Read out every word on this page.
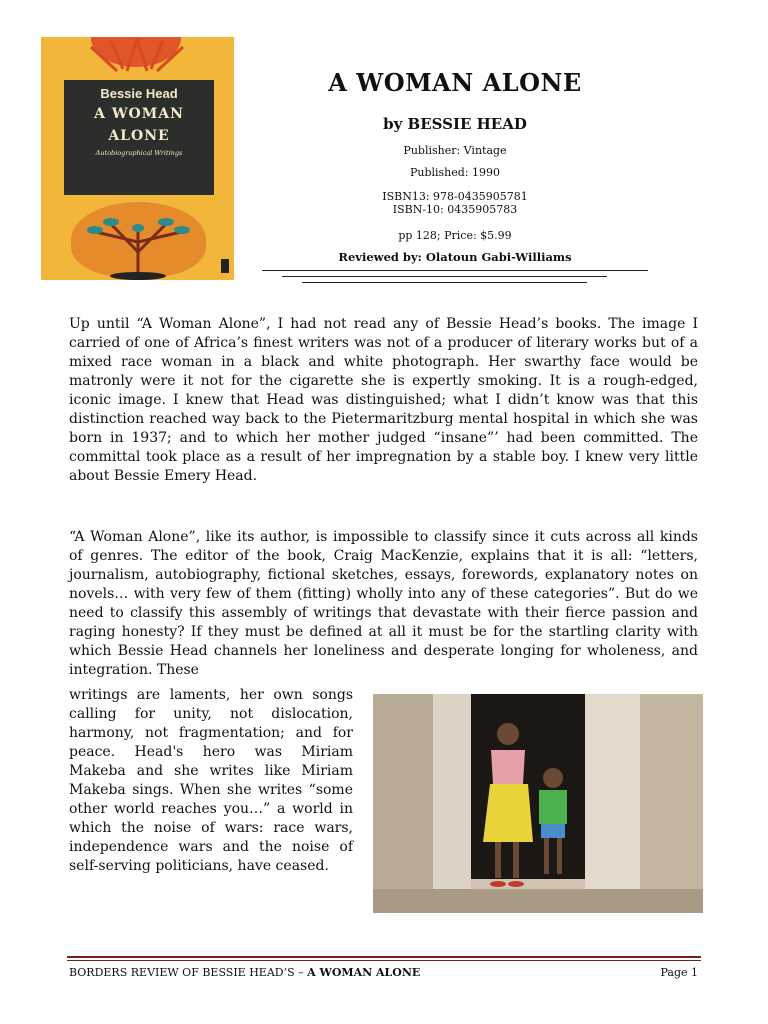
Bessie Head
A WOMAN
ALONE
Autobiographical Writings
A WOMAN ALONE
by BESSIE HEAD
Publisher: Vintage
Published: 1990
ISBN13: 978-0435905781
ISBN-10: 0435905783
pp 128; Price: $5.99
Reviewed by: Olatoun Gabi-Williams

Up until “A Woman Alone”, I had not read any of Bessie Head’s books. The image I carried of one of Africa’s finest writers was not of a producer of literary works but of a mixed race woman in a black and white photograph. Her swarthy face would be matronly were it not for the cigarette she is expertly smoking. It is a rough-edged, iconic image. I knew that Head was distinguished; what I didn’t know was that this distinction reached way back to the Pietermaritzburg mental hospital in which she was born in 1937; and to which her mother judged “insane”’ had been committed. The committal took place as a result of her impregnation by a stable boy. I knew very little about Bessie Emery Head.

“A Woman Alone”, like its author, is impossible to classify since it cuts across all kinds of genres. The editor of the book, Craig MacKenzie, explains that it is all: “letters, journalism, autobiography, fictional sketches, essays, forewords, explanatory notes on novels… with very few of them (fitting) wholly into any of these categories”. But do we need to classify this assembly of writings that devastate with their fierce passion and raging honesty? If they must be defined at all it must be for the startling clarity with which Bessie Head channels her loneliness and desperate longing for wholeness, and integration. These

writings are laments, her own songs calling for unity, not dislocation, harmony, not fragmentation; and for peace. Head's hero was Miriam Makeba and she writes like Miriam Makeba sings. When she writes “some other world reaches you…” a world in which the noise of wars: race wars, independence wars and the noise of self-serving politicians, have ceased.

BORDERS REVIEW OF BESSIE HEAD’S – A WOMAN ALONE	Page 1
